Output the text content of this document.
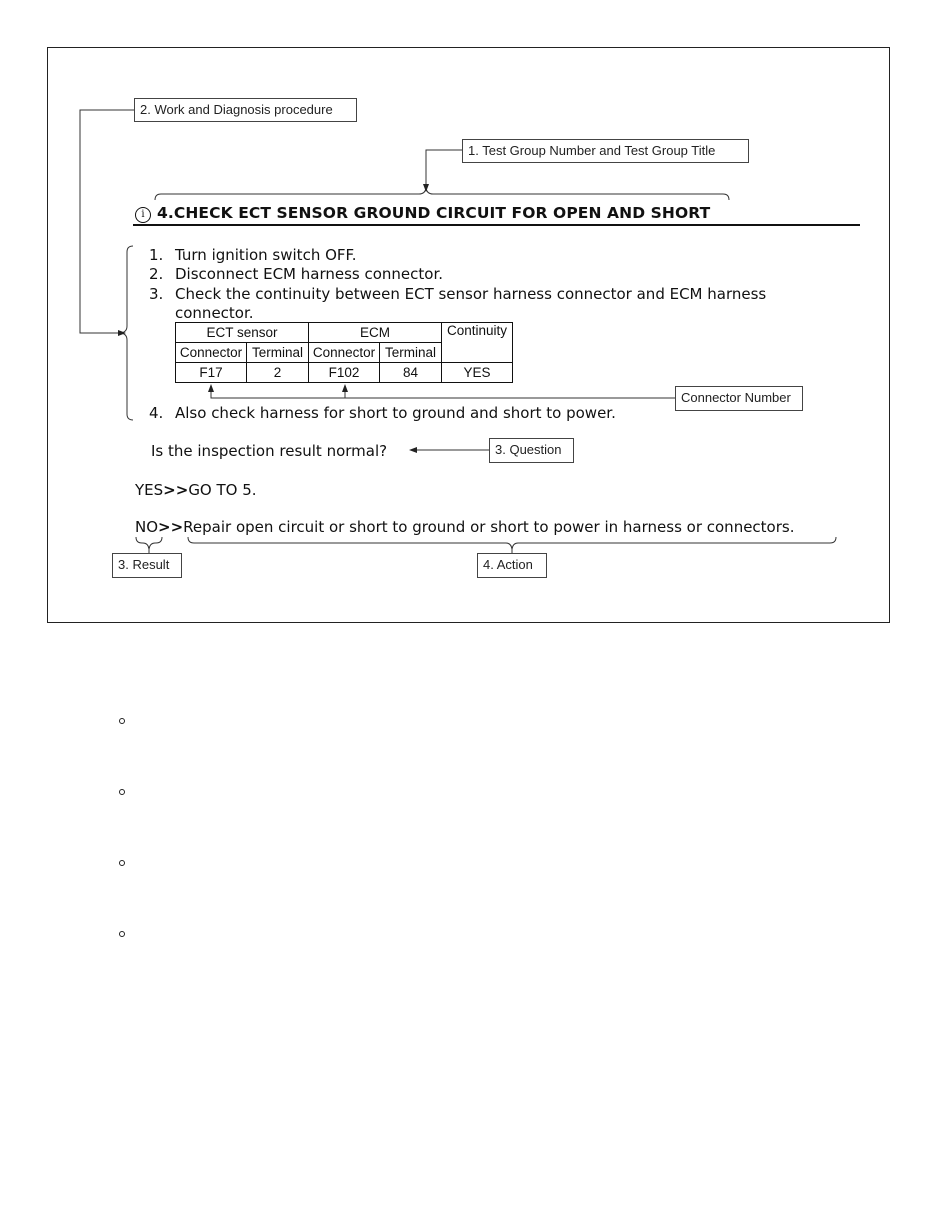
2. Work and Diagnosis procedure
1. Test Group Number and Test Group Title
i 4.CHECK ECT SENSOR GROUND CIRCUIT FOR OPEN AND SHORT
1. Turn ignition switch OFF.
2. Disconnect ECM harness connector.
3. Check the continuity between ECT sensor harness connector and ECM harness
connector.
ECT sensor		ECM		Continuity
Connector	Terminal	Connector	Terminal	
F17	2	F102	84	YES
Connector Number
4. Also check harness for short to ground and short to power.
Is the inspection result normal?	3. Question
YES>>GO TO 5.
NO>>Repair open circuit or short to ground or short to power in harness or connectors.
3. Result	4. Action
